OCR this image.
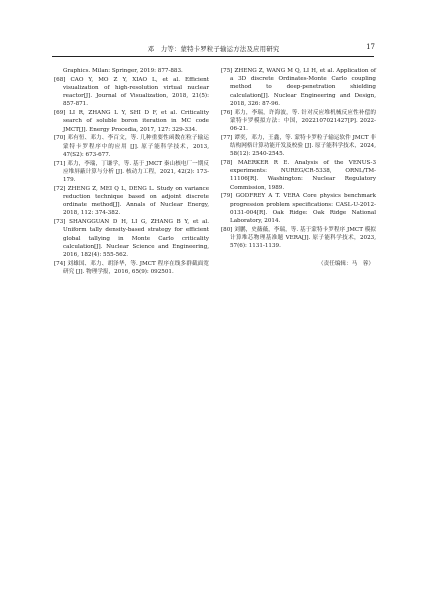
邓　力等：蒙特卡罗粒子输运方法及应用研究	17

Graphics. Milan: Springer, 2019: 877-883.

[68] CAO Y, MO Z Y, XIAO L, et al. Efficient visualization of high-resolution virtual nuclear reactor[J]. Journal of Visualization, 2018, 21(5): 857-871.

[69] LI R, ZHANG L Y, SHI D F, et al. Criticality search of soluble boron iteration in MC code JMCT[J]. Energy Procedia, 2017, 127: 329-334.

[70] 邓有恒、邓力、李百文，等. 几种重要性函数在粒子输运蒙特卡罗程序中的应用 [J]. 原子能科学技术，2013, 47(S2): 673-677.

[71] 邓力，李瑞，丁谦学，等. 基于 JMCT 秦山核电厂一期反应堆屏蔽计算与分析 [J]. 核动力工程，2021, 42(2): 173-179.

[72] ZHENG Z, MEI Q L, DENG L. Study on variance reduction technique based on adjoint discrete ordinate method[J]. Annals of Nuclear Energy, 2018, 112: 374-382.

[73] SHANGGUAN D H, LI G, ZHANG B Y, et al. Uniform tally density-based strategy for efficient global tallying in Monte Carlo criticality calculation[J]. Nuclear Science and Engineering, 2016, 182(4): 555-562.

[74] 刘雄国、邓力、胡泽华，等. JMCT 程序在线多群截面宽研究 [J]. 物理学报，2016, 65(9): 092501.

[75] ZHENG Z, WANG M Q, LI H, et al. Application of a 3D discrete Ordinates-Monte Carlo coupling method to deep-penetration shielding calculation[J]. Nuclear Engineering and Design, 2018, 326: 87-96.

[76] 邓力，李瑞，许海波，等. 针对反应堆机械反应性补偿的蒙特卡罗模拟方法：中国，2022107021427[P]. 2022-06-21.

[77] 谭奕，邓力，王鑫，等. 蒙特卡罗粒子输运软件 JMCT 非结构网格计算功能开发及校验 [J]. 原子能科学技术，2024, 58(12): 2540-2545.

[78] MAERKER R E. Analysis of the VENUS-3 experiments: NUREG/CR-5338, ORNL/TM-11106[R]. Washington: Nuclear Regulatory Commission, 1989.

[79] GODFREY A T. VERA Core physics benchmark progression problem specifications: CASL-U-2012-0131-004[R]. Oak Ridge: Oak Ridge National Laboratory, 2014.

[80] 刘鹏，史薇薇，李瑞，等. 基于蒙特卡罗程序 JMCT 模拟计算堆芯物理基准题 VERA[J]. 原子能科学技术，2023, 57(6): 1131-1139.

（责任编辑：马　蓉）
